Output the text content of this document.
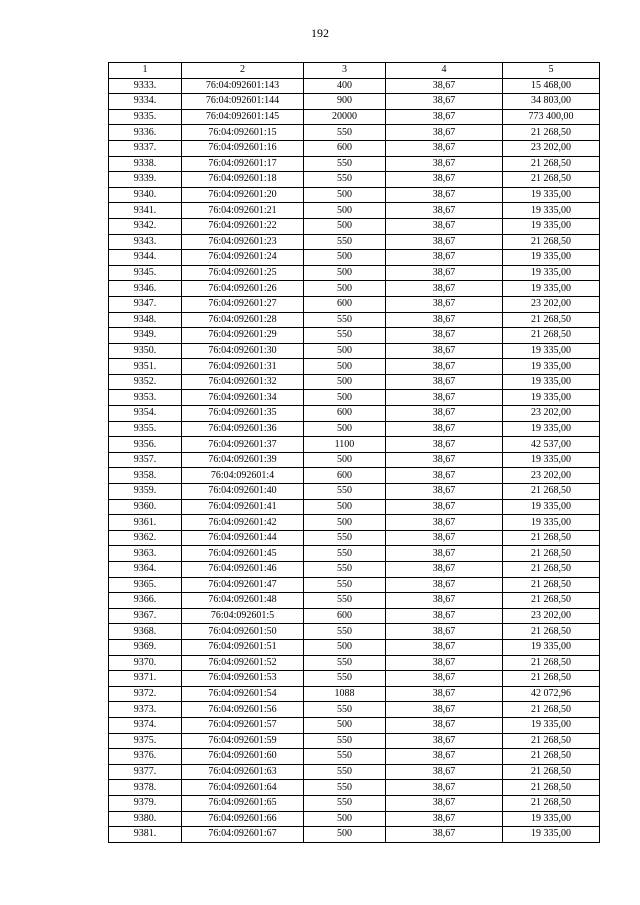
192
1	2	3	4	5
9333.	76:04:092601:143	400	38,67	15 468,00
9334.	76:04:092601:144	900	38,67	34 803,00
9335.	76:04:092601:145	20000	38,67	773 400,00
9336.	76:04:092601:15	550	38,67	21 268,50
9337.	76:04:092601:16	600	38,67	23 202,00
9338.	76:04:092601:17	550	38,67	21 268,50
9339.	76:04:092601:18	550	38,67	21 268,50
9340.	76:04:092601:20	500	38,67	19 335,00
9341.	76:04:092601:21	500	38,67	19 335,00
9342.	76:04:092601:22	500	38,67	19 335,00
9343.	76:04:092601:23	550	38,67	21 268,50
9344.	76:04:092601:24	500	38,67	19 335,00
9345.	76:04:092601:25	500	38,67	19 335,00
9346.	76:04:092601:26	500	38,67	19 335,00
9347.	76:04:092601:27	600	38,67	23 202,00
9348.	76:04:092601:28	550	38,67	21 268,50
9349.	76:04:092601:29	550	38,67	21 268,50
9350.	76:04:092601:30	500	38,67	19 335,00
9351.	76:04:092601:31	500	38,67	19 335,00
9352.	76:04:092601:32	500	38,67	19 335,00
9353.	76:04:092601:34	500	38,67	19 335,00
9354.	76:04:092601:35	600	38,67	23 202,00
9355.	76:04:092601:36	500	38,67	19 335,00
9356.	76:04:092601:37	1100	38,67	42 537,00
9357.	76:04:092601:39	500	38,67	19 335,00
9358.	76:04:092601:4	600	38,67	23 202,00
9359.	76:04:092601:40	550	38,67	21 268,50
9360.	76:04:092601:41	500	38,67	19 335,00
9361.	76:04:092601:42	500	38,67	19 335,00
9362.	76:04:092601:44	550	38,67	21 268,50
9363.	76:04:092601:45	550	38,67	21 268,50
9364.	76:04:092601:46	550	38,67	21 268,50
9365.	76:04:092601:47	550	38,67	21 268,50
9366.	76:04:092601:48	550	38,67	21 268,50
9367.	76:04:092601:5	600	38,67	23 202,00
9368.	76:04:092601:50	550	38,67	21 268,50
9369.	76:04:092601:51	500	38,67	19 335,00
9370.	76:04:092601:52	550	38,67	21 268,50
9371.	76:04:092601:53	550	38,67	21 268,50
9372.	76:04:092601:54	1088	38,67	42 072,96
9373.	76:04:092601:56	550	38,67	21 268,50
9374.	76:04:092601:57	500	38,67	19 335,00
9375.	76:04:092601:59	550	38,67	21 268,50
9376.	76:04:092601:60	550	38,67	21 268,50
9377.	76:04:092601:63	550	38,67	21 268,50
9378.	76:04:092601:64	550	38,67	21 268,50
9379.	76:04:092601:65	550	38,67	21 268,50
9380.	76:04:092601:66	500	38,67	19 335,00
9381.	76:04:092601:67	500	38,67	19 335,00
